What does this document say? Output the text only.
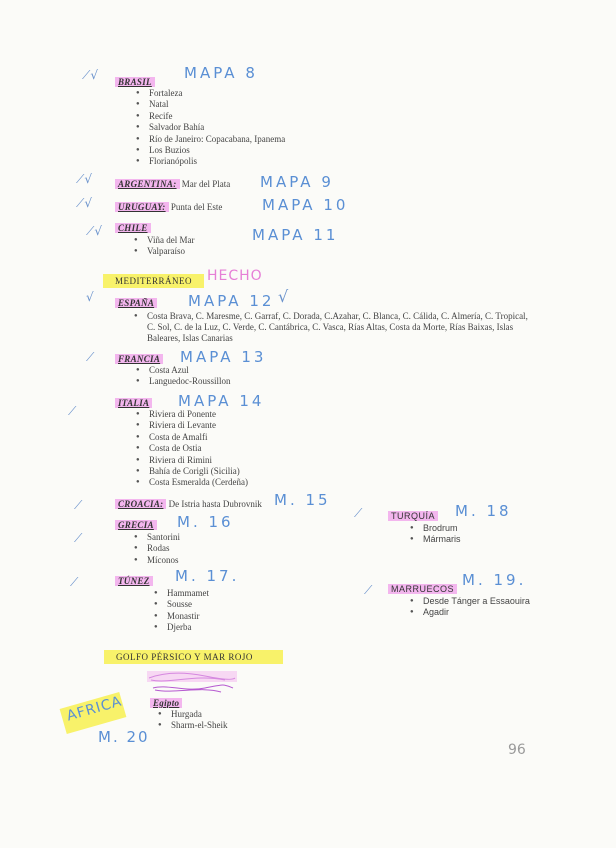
⟋√	BRASIL MAPA 8
● Fortaleza
● Natal
● Recife
● Salvador Bahía
● Río de Janeiro: Copacabana, Ipanema
● Los Buzios
● Florianópolis
⟋√	ARGENTINA: Mar del Plata MAPA 9
⟋√	URUGUAY: Punta del Este	MAPA 10
⟋√	CHILE	MAPA 11
● Viña del Mar
● Valparaíso
MEDITERRÁNEO	HECHO
√	ESPAÑA MAPA 12 √
●	Costa Brava, C. Maresme, C. Garraf, C. Dorada, C.Azahar, C. Blanca, C. Cálida, C. Almería, C. Tropical, C. Sol, C. de la Luz, C. Verde, C. Cantábrica, C. Vasca, Rías Altas, Costa da Morte, Rías Baixas, Islas Baleares, Islas Canarias
⟋	FRANCIA MAPA 13
● Costa Azul
● Languedoc-Roussillon
⟋
ITALIA MAPA 14
● Riviera di Ponente
● Riviera di Levante
● Costa de Amalfi
● Costa de Ostia
● Riviera di Rimini
● Bahía de Corigli (Sicilia)
● Costa Esmeralda (Cerdeña)
⟋	CROACIA: De Istria hasta Dubrovnik M. 15
⟋
GRECIA M. 16
● Santorini
● Rodas
● Míconos
⟋	TÚNEZ M. 17.
● Hammamet
● Sousse
● Monastir
● Djerba
⟋	TURQUÍA M. 18
● Brodrum
● Mármaris
⟋	MARRUECOS M. 19.
● Desde Tánger a Essaouira
● Agadir
GOLFO PÉRSICO Y MAR ROJO
Egipto
● Hurgada
● Sharm-el-Sheik
AFRICA
M. 20
96
